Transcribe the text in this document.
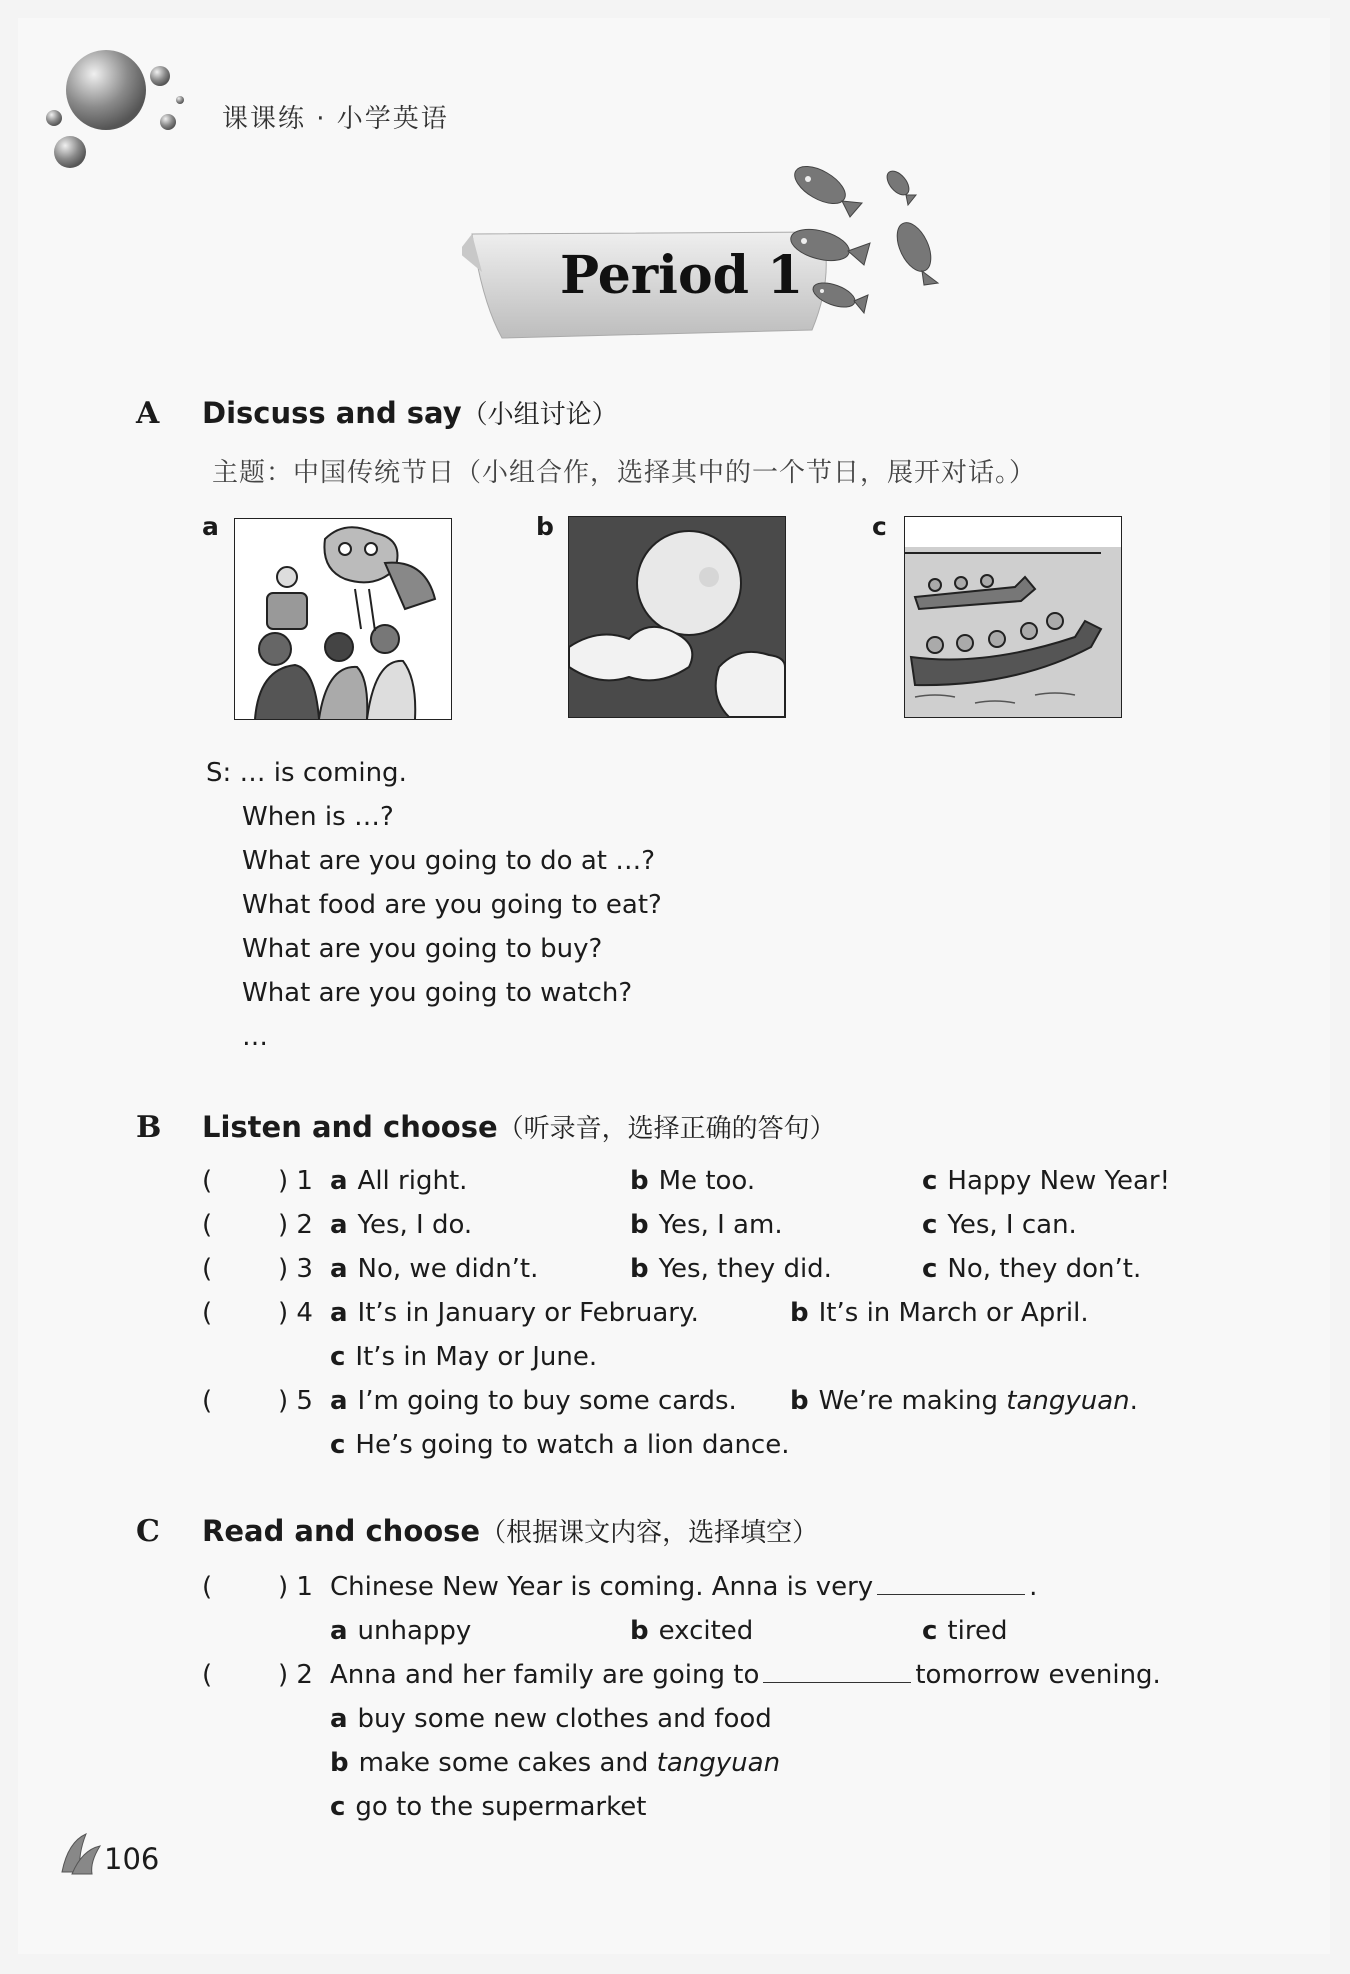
课课练 · 小学英语
Period 1
A Discuss and say（小组讨论）
主题：中国传统节日（小组合作，选择其中的一个节日，展开对话。）
a	b	c
S: … is coming.
When is …?
What are you going to do at …?
What food are you going to eat?
What are you going to buy?
What are you going to watch?
…
B Listen and choose（听录音，选择正确的答句）
(	) 1 a All right.	b Me too.	c Happy New Year!
(	) 2 a Yes, I do.	b Yes, I am.	c Yes, I can.
(	) 3 a No, we didn’t.	b Yes, they did.	c No, they don’t.
(	) 4 a It’s in January or February.	b It’s in March or April.
c It’s in May or June.
(	) 5 a I’m going to buy some cards. b We’re making tangyuan.
c He’s going to watch a lion dance.
C Read and choose（根据课文内容，选择填空）
(	) 1 Chinese New Year is coming. Anna is very	.
a unhappy	b excited	c tired
(	) 2 Anna and her family are going to	tomorrow evening.
a buy some new clothes and food
b make some cakes and tangyuan
c go to the supermarket
106
